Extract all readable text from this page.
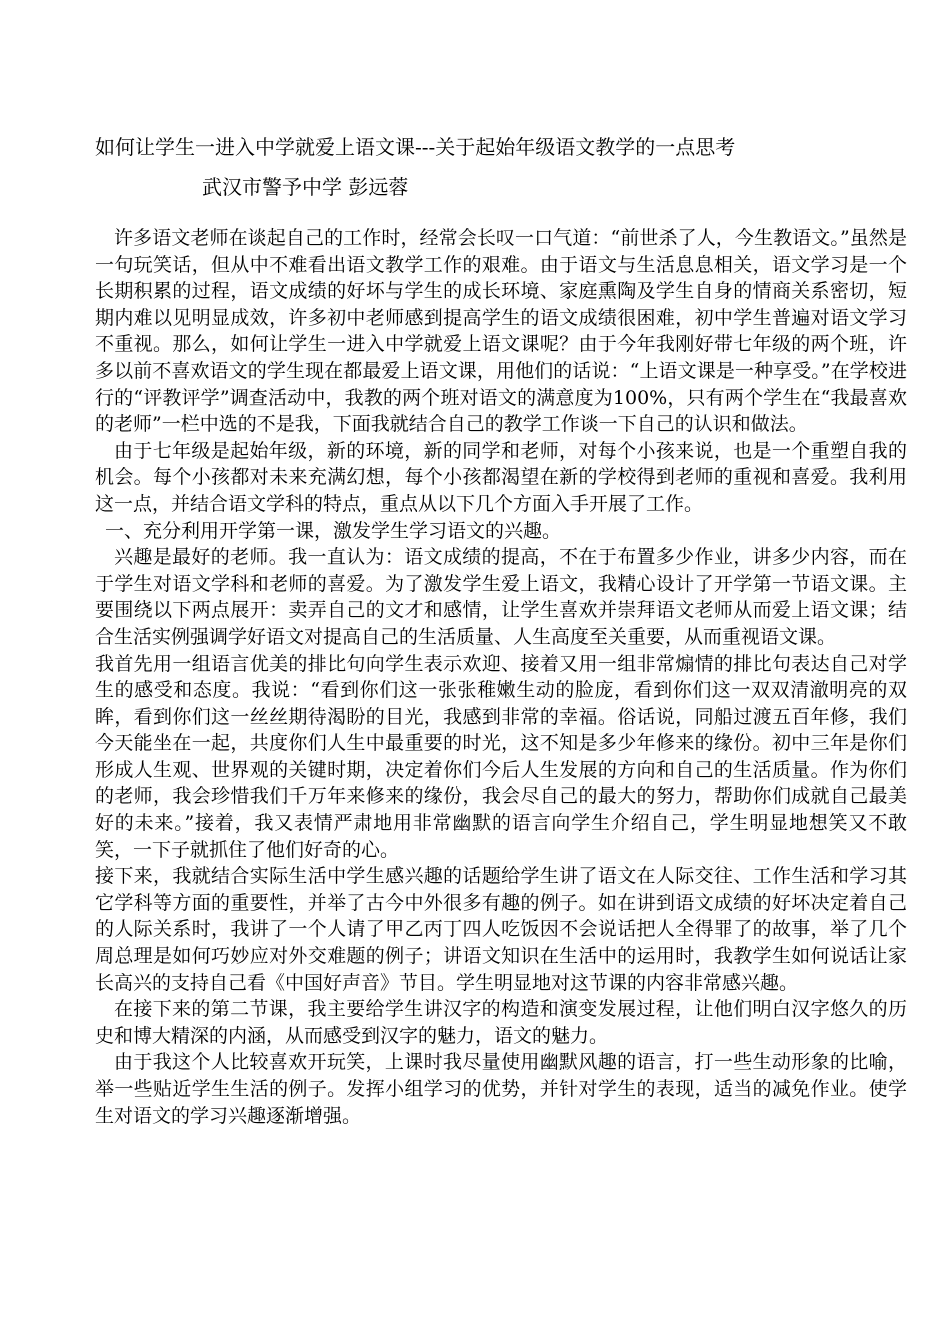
如何让学生一进入中学就爱上语文课---关于起始年级语文教学的一点思考
武汉市警予中学 彭远蓉

许多语文老师在谈起自己的工作时，经常会长叹一口气道：“前世杀了人，今生教语文。”虽然是一句玩笑话，但从中不难看出语文教学工作的艰难。由于语文与生活息息相关，语文学习是一个长期积累的过程，语文成绩的好坏与学生的成长环境、家庭熏陶及学生自身的情商关系密切，短期内难以见明显成效，许多初中老师感到提高学生的语文成绩很困难，初中学生普遍对语文学习不重视。那么，如何让学生一进入中学就爱上语文课呢？由于今年我刚好带七年级的两个班，许多以前不喜欢语文的学生现在都最爱上语文课，用他们的话说：“上语文课是一种享受。”在学校进行的“评教评学”调查活动中，我教的两个班对语文的满意度为100%，只有两个学生在“我最喜欢的老师”一栏中选的不是我，下面我就结合自己的教学工作谈一下自己的认识和做法。

由于七年级是起始年级，新的环境，新的同学和老师，对每个小孩来说，也是一个重塑自我的机会。每个小孩都对未来充满幻想，每个小孩都渴望在新的学校得到老师的重视和喜爱。我利用这一点，并结合语文学科的特点，重点从以下几个方面入手开展了工作。

一、充分利用开学第一课，激发学生学习语文的兴趣。

兴趣是最好的老师。我一直认为：语文成绩的提高，不在于布置多少作业，讲多少内容，而在于学生对语文学科和老师的喜爱。为了激发学生爱上语文，我精心设计了开学第一节语文课。主要围绕以下两点展开：卖弄自己的文才和感情，让学生喜欢并崇拜语文老师从而爱上语文课；结合生活实例强调学好语文对提高自己的生活质量、人生高度至关重要，从而重视语文课。

我首先用一组语言优美的排比句向学生表示欢迎、接着又用一组非常煽情的排比句表达自己对学生的感受和态度。我说：“看到你们这一张张稚嫩生动的脸庞，看到你们这一双双清澈明亮的双眸，看到你们这一丝丝期待渴盼的目光，我感到非常的幸福。俗话说，同船过渡五百年修，我们今天能坐在一起，共度你们人生中最重要的时光，这不知是多少年修来的缘份。初中三年是你们形成人生观、世界观的关键时期，决定着你们今后人生发展的方向和自己的生活质量。作为你们的老师，我会珍惜我们千万年来修来的缘份，我会尽自己的最大的努力，帮助你们成就自己最美好的未来。”接着，我又表情严肃地用非常幽默的语言向学生介绍自己，学生明显地想笑又不敢笑，一下子就抓住了他们好奇的心。

接下来，我就结合实际生活中学生感兴趣的话题给学生讲了语文在人际交往、工作生活和学习其它学科等方面的重要性，并举了古今中外很多有趣的例子。如在讲到语文成绩的好坏决定着自己的人际关系时，我讲了一个人请了甲乙丙丁四人吃饭因不会说话把人全得罪了的故事，举了几个周总理是如何巧妙应对外交难题的例子；讲语文知识在生活中的运用时，我教学生如何说话让家长高兴的支持自己看《中国好声音》节目。学生明显地对这节课的内容非常感兴趣。

在接下来的第二节课，我主要给学生讲汉字的构造和演变发展过程，让他们明白汉字悠久的历史和博大精深的内涵，从而感受到汉字的魅力，语文的魅力。

由于我这个人比较喜欢开玩笑，上课时我尽量使用幽默风趣的语言，打一些生动形象的比喻，举一些贴近学生生活的例子。发挥小组学习的优势，并针对学生的表现，适当的减免作业。使学生对语文的学习兴趣逐渐增强。
